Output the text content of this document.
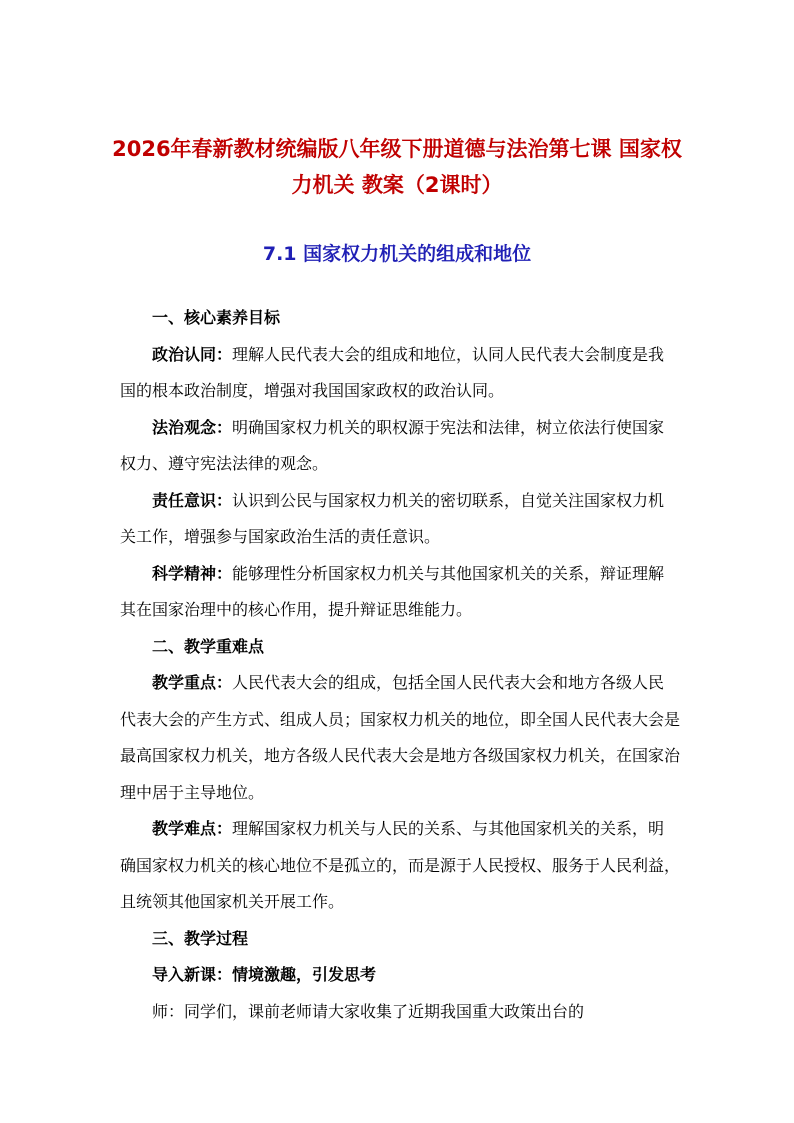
2026年春新教材统编版八年级下册道德与法治第七课 国家权力机关 教案（2课时）
7.1 国家权力机关的组成和地位

一、核心素养目标

政治认同：理解人民代表大会的组成和地位，认同人民代表大会制度是我国的根本政治制度，增强对我国国家政权的政治认同。

法治观念：明确国家权力机关的职权源于宪法和法律，树立依法行使国家权力、遵守宪法法律的观念。

责任意识：认识到公民与国家权力机关的密切联系，自觉关注国家权力机关工作，增强参与国家政治生活的责任意识。

科学精神：能够理性分析国家权力机关与其他国家机关的关系，辩证理解其在国家治理中的核心作用，提升辩证思维能力。

二、教学重难点

教学重点：人民代表大会的组成，包括全国人民代表大会和地方各级人民代表大会的产生方式、组成人员；国家权力机关的地位，即全国人民代表大会是最高国家权力机关，地方各级人民代表大会是地方各级国家权力机关，在国家治理中居于主导地位。

教学难点：理解国家权力机关与人民的关系、与其他国家机关的关系，明确国家权力机关的核心地位不是孤立的，而是源于人民授权、服务于人民利益，且统领其他国家机关开展工作。

三、教学过程

导入新课：情境激趣，引发思考

师：同学们，课前老师请大家收集了近期我国重大政策出台的
